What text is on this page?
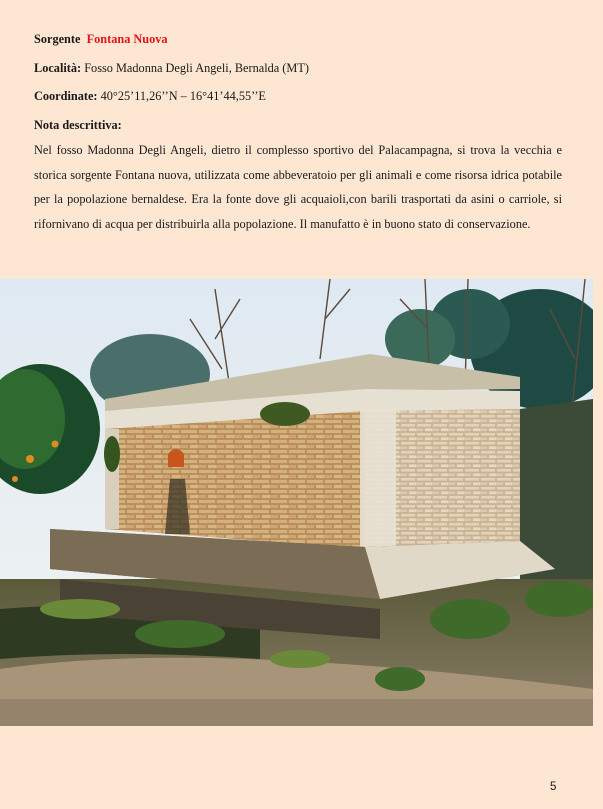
Sorgente Fontana Nuova

Località: Fosso Madonna Degli Angeli, Bernalda (MT)

Coordinate: 40°25’11,26’’N – 16°41’44,55’’E

Nota descrittiva:

Nel fosso Madonna Degli Angeli, dietro il complesso sportivo del Palacampagna, si trova la vecchia e storica sorgente Fontana nuova, utilizzata come abbeveratoio per gli animali e come risorsa idrica potabile per la popolazione bernaldese. Era la fonte dove gli acquaioli,con barili trasportati da asini o carriole, si rifornivano di acqua per distribuirla alla popolazione. Il manufatto è in buono stato di conservazione.

5
